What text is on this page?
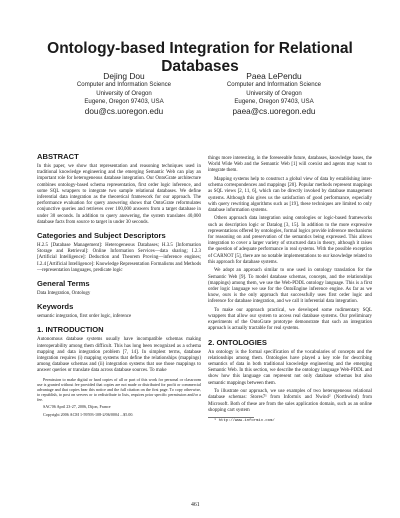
Ontology-based Integration for Relational Databases
Dejing Dou
Computer and Information Science
University of Oregon
Eugene, Oregon 97403, USA
dou@cs.uoregon.edu
Paea LePendu
Computer and Information Science
University of Oregon
Eugene, Oregon 97403, USA
paea@cs.uoregon.edu
ABSTRACT

In this paper, we show that representation and reasoning techniques used in traditional knowledge engineering and the emerging Semantic Web can play an important role for heterogeneous database integration. Our OntoGrate architecture combines ontology-based schema representation, first order logic inference, and some SQL wrappers to integrate two sample relational databases. We define inferential data integration as the theoretical framework for our approach. The performance evaluation for query answering shows that OntoGrate reformulates conjunctive queries and retrieves over 100,000 answers from a target database in under 30 seconds. In addition to query answering, the system translates 40,000 database facts from source to target in under 30 seconds.

Categories and Subject Descriptors

H.2.5 [Database Management]: Heterogeneous Databases; H.3.5 [Information Storage and Retrieval]: Online Information Services—data sharing; I.2.3 [Artificial Intelligence]: Deduction and Theorem Proving—inference engines; I.2.4 [Artificial Intelligence]: Knowledge Representation Formalisms and Methods—representation languages, predicate logic

General Terms

Data Integration, Ontology

Keywords

semantic integration, first order logic, inference

1. INTRODUCTION

Autonomous database systems usually have incompatible schemas making interoperability among them difficult. This has long been recognized as a schema mapping and data integration problem [7, 14]. In simplest terms, database integration requires (i) mapping systems that define the relationships (mappings) among database schemas and (ii) integration systems that use those mappings to answer queries or translate data across database sources. To make

Permission to make digital or hard copies of all or part of this work for personal or classroom use is granted without fee provided that copies are not made or distributed for profit or commercial advantage and that copies bear this notice and the full citation on the first page. To copy otherwise, to republish, to post on servers or to redistribute to lists, requires prior specific permission and/or a fee.

SAC'06 April 23-27, 2006, Dijon, France

Copyright 2006 ACM 1-59593-108-2/06/0004 ...$5.00.

things more interesting, in the foreseeable future, databases, knowledge bases, the World Wide Web and the Semantic Web [1] will coexist and agents may want to integrate them.

Mapping systems help to construct a global view of data by establishing inter-schema correspondences and mappings [20]. Popular methods represent mappings as SQL views [2, 11, 6], which can be directly invoked by database management systems. Although this gives us the satisfaction of good performance, especially with query rewriting algorithms such as [19], these techniques are limited to only database information systems.

Others approach data integration using ontologies or logic-based frameworks such as description logic or Datalog [3, 15]. In addition to the more expressive representations offered by ontologies, formal logics provide inference mechanisms for reasoning on and preservation of the semantics being expressed. This allows integration to cover a larger variety of structured data in theory, although it raises the question of adequate performance in real systems. With the possible exception of CARNOT [5], there are no notable implementations to our knowledge related to this approach for database systems.

We adopt an approach similar to one used in ontology translation for the Semantic Web [9]. To model database schemas, concepts, and the relationships (mappings) among them, we use the Web-PDDL ontology language. This is a first order logic language we use for the OntoEngine inference engine. As far as we know, ours is the only approach that successfully uses first order logic and inference for database integration, and we call it inferential data integration.

To make our approach practical, we developed some rudimentary SQL wrappers that allow our system to access real database systems. Our preliminary experiments of the OntoGrate prototype demonstrate that such an integration approach is actually tractable for real systems.

2. ONTOLOGIES

An ontology is the formal specification of the vocabularies of concepts and the relationships among them. Ontologies have played a key role for describing semantics of data in both traditional knowledge engineering and the emerging Semantic Web. In this section, we describe the ontology language Web-PDDL and show how this language can represent not only database schemas but also semantic mappings between them.

To illustrate our approach, we use examples of two heterogeneous relational database schemas: Stores7¹ from Informix and Nwind² (Northwind) from Microsoft. Both of these are from the sales application domain, such as an online shopping cart system

¹ http://www.informix.com/

461
